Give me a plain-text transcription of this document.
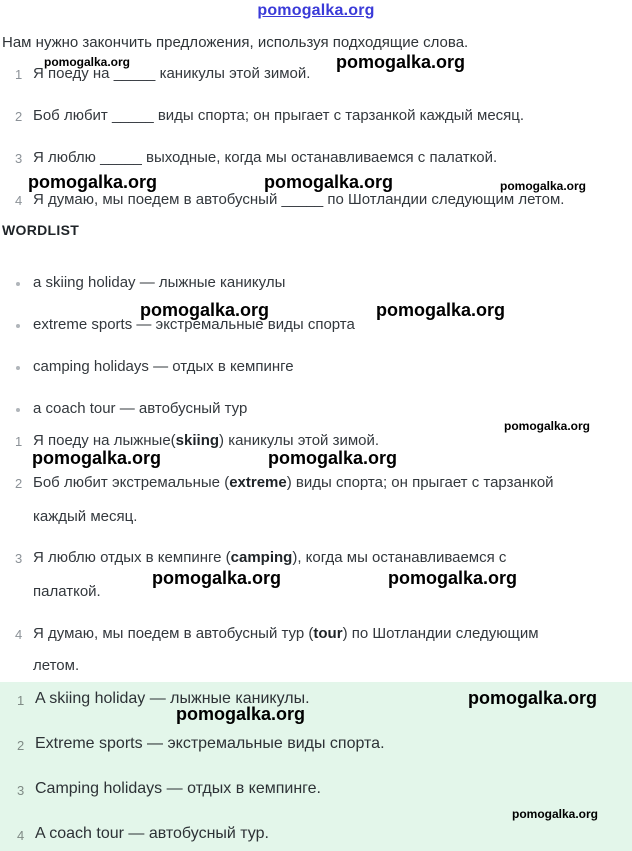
pomogalka.org
Нам нужно закончить предложения, используя подходящие слова.
1 Я поеду на _____ каникулы этой зимой.
2 Боб любит _____ виды спорта; он прыгает с тарзанкой каждый месяц.
3 Я люблю _____ выходные, когда мы останавливаемся с палаткой.
4 Я думаю, мы поедем в автобусный _____ по Шотландии следующим летом.
WORDLIST
a skiing holiday — лыжные каникулы
extreme sports — экстремальные виды спорта
camping holidays — отдых в кемпинге
a coach tour — автобусный тур
1 Я поеду на лыжные(skiing) каникулы этой зимой.
2 Боб любит экстремальные (extreme) виды спорта; он прыгает с тарзанкой
каждый месяц.
3 Я люблю отдых в кемпинге (camping), когда мы останавливаемся с
палаткой.
4 Я думаю, мы поедем в автобусный тур (tour) по Шотландии следующим
летом.
1 A skiing holiday — лыжные каникулы.
2 Extreme sports — экстремальные виды спорта.
3 Camping holidays — отдых в кемпинге.
4 A coach tour — автобусный тур.
pomogalka.org	pomogalka.org
pomogalka.org	pomogalka.org	pomogalka.org
pomogalka.org	pomogalka.org
pomogalka.org
pomogalka.org	pomogalka.org
pomogalka.org	pomogalka.org
pomogalka.org
pomogalka.org
pomogalka.org
